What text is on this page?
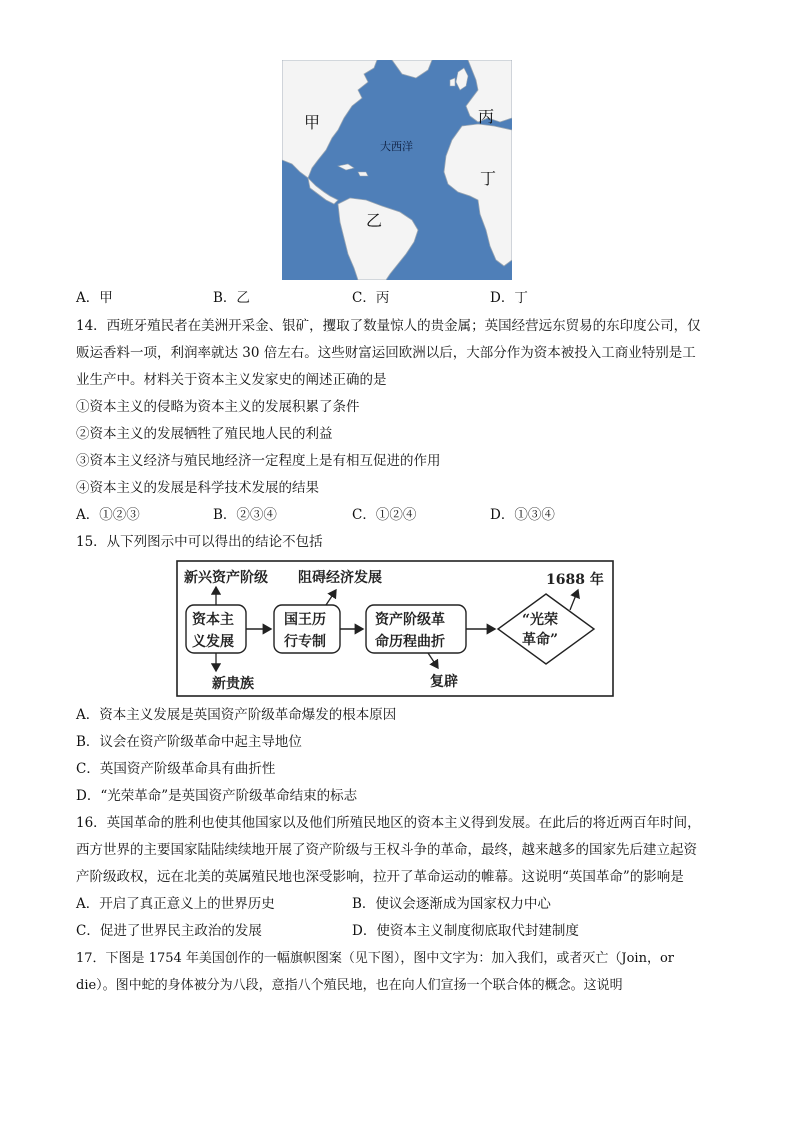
甲	丙
丁
乙
大西洋
A．甲	B．乙	C．丙	D．丁
14．西班牙殖民者在美洲开采金、银矿，攫取了数量惊人的贵金属；英国经营远东贸易的东印度公司，仅
贩运香料一项，利润率就达 30 倍左右。这些财富运回欧洲以后，大部分作为资本被投入工商业特别是工
业生产中。材料关于资本主义发家史的阐述正确的是
①资本主义的侵略为资本主义的发展积累了条件
②资本主义的发展牺牲了殖民地人民的利益
③资本主义经济与殖民地经济一定程度上是有相互促进的作用
④资本主义的发展是科学技术发展的结果
A．①②③	B．②③④	C．①②④	D．①③④
15．从下列图示中可以得出的结论不包括
新兴资产阶级 阻碍经济发展	1688 年
资本主
义发展
国王历
行专制
资产阶级革
命历程曲折
“光荣
革命”
新贵族	复辟
A．资本主义发展是英国资产阶级革命爆发的根本原因
B．议会在资产阶级革命中起主导地位
C．英国资产阶级革命具有曲折性
D．“光荣革命”是英国资产阶级革命结束的标志
16．英国革命的胜利也使其他国家以及他们所殖民地区的资本主义得到发展。在此后的将近两百年时间，
西方世界的主要国家陆陆续续地开展了资产阶级与王权斗争的革命，最终，越来越多的国家先后建立起资
产阶级政权，远在北美的英属殖民地也深受影响，拉开了革命运动的帷幕。这说明“英国革命”的影响是
A．开启了真正意义上的世界历史	B．使议会逐渐成为国家权力中心
C．促进了世界民主政治的发展	D．使资本主义制度彻底取代封建制度
17．下图是 1754 年美国创作的一幅旗帜图案（见下图），图中文字为：加入我们，或者灭亡（Join，or
die）。图中蛇的身体被分为八段，意指八个殖民地，也在向人们宣扬一个联合体的概念。这说明
